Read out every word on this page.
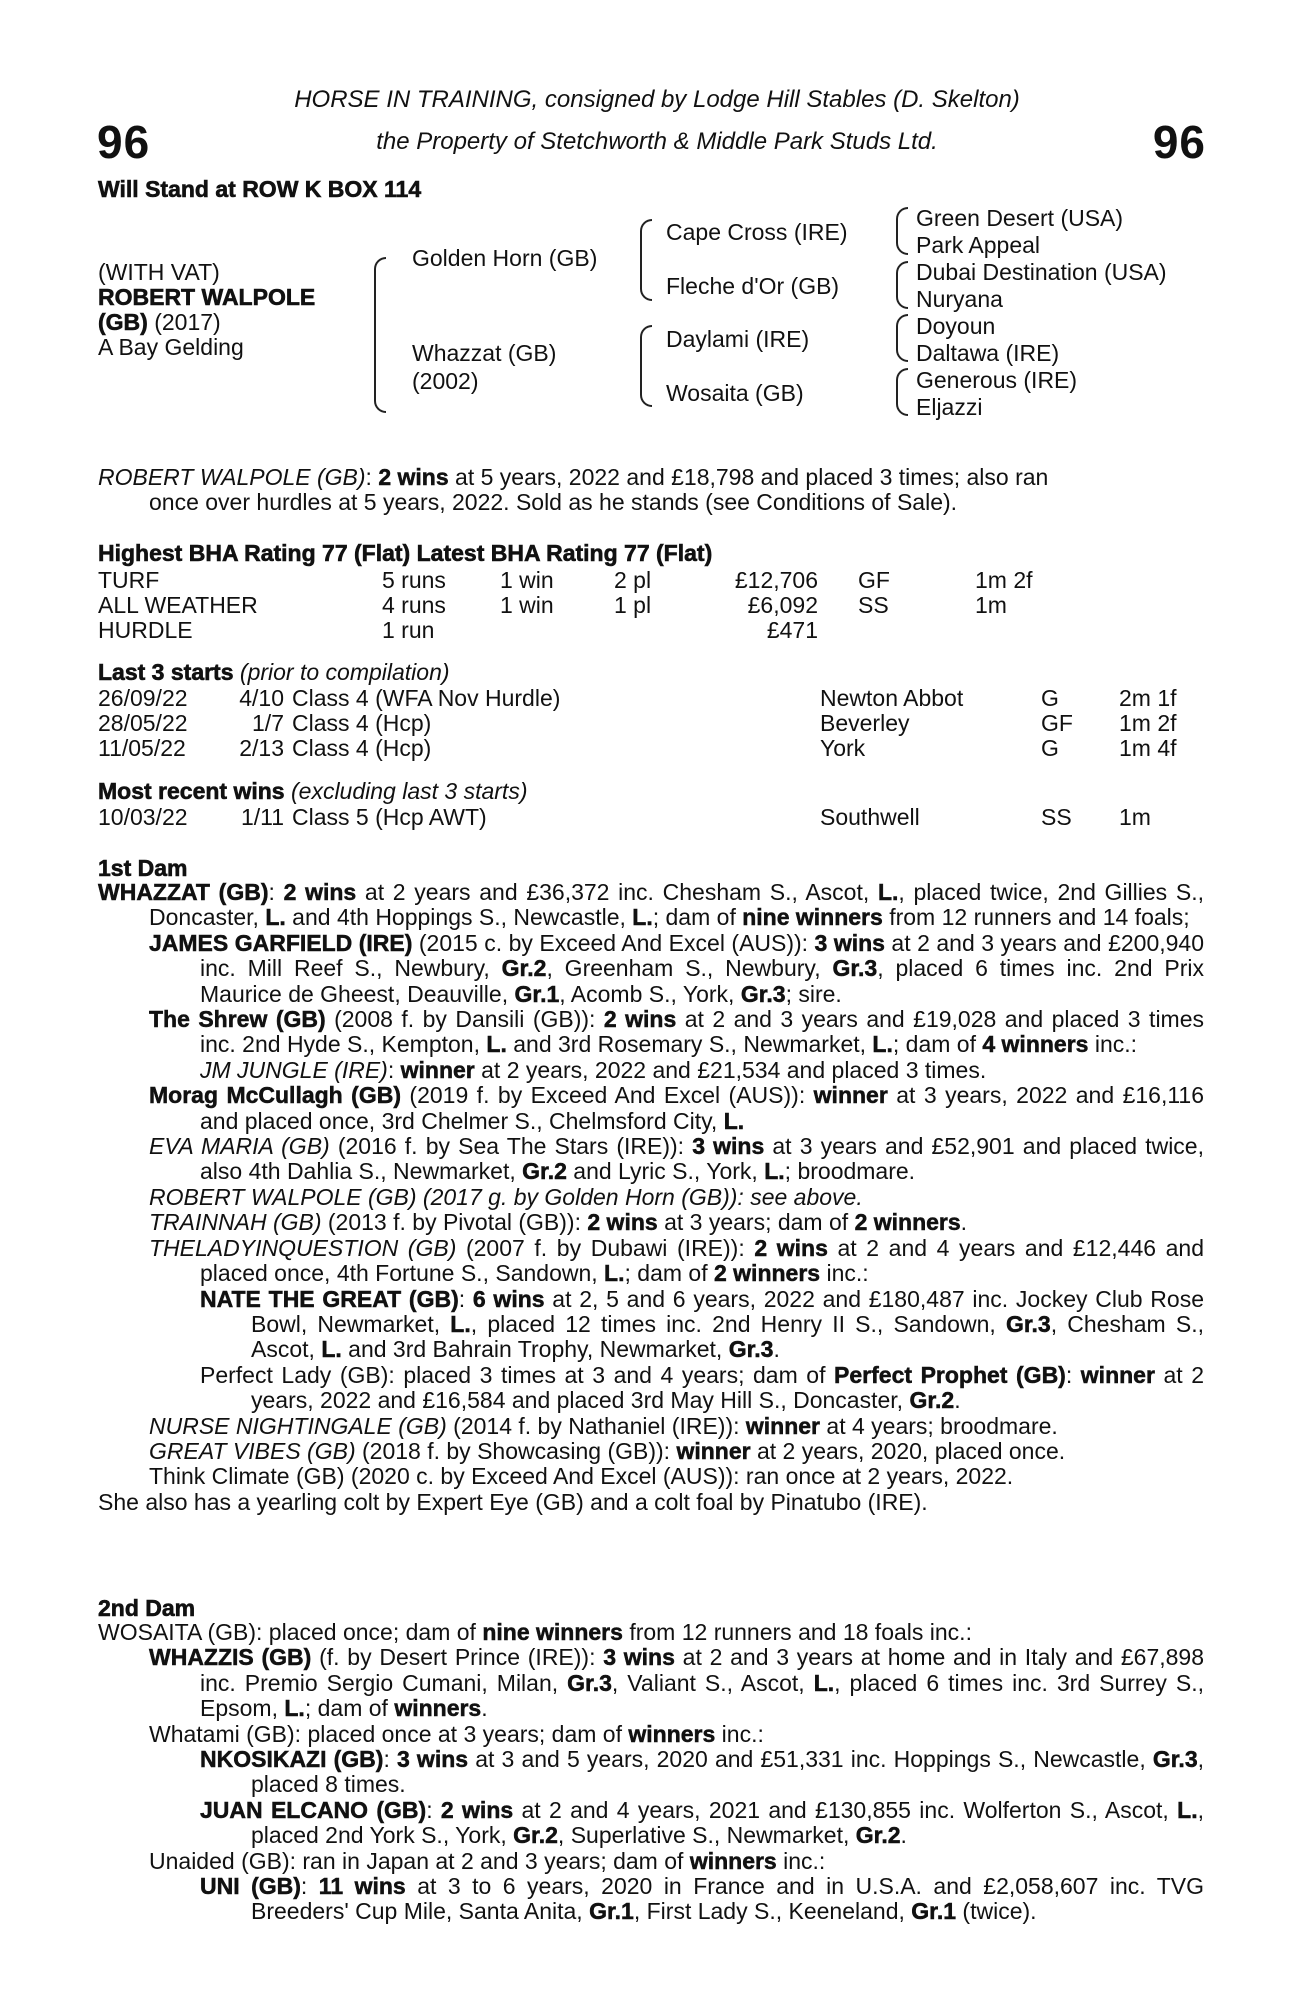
HORSE IN TRAINING, consigned by Lodge Hill Stables (D. Skelton)
the Property of Stetchworth & Middle Park Studs Ltd.
96	96
Will Stand at ROW K BOX 114
(WITH VAT)
ROBERT WALPOLE
(GB) (2017)
A Bay Gelding
Golden Horn (GB)
Whazzat (GB)
(2002)
Cape Cross (IRE)
Fleche d'Or (GB)
Daylami (IRE)
Wosaita (GB)
Green Desert (USA)
Park Appeal
Dubai Destination (USA)
Nuryana
Doyoun
Daltawa (IRE)
Generous (IRE)
Eljazzi
ROBERT WALPOLE (GB): 2 wins at 5 years, 2022 and £18,798 and placed 3 times; also ran
once over hurdles at 5 years, 2022. Sold as he stands (see Conditions of Sale).
Highest BHA Rating 77 (Flat) Latest BHA Rating 77 (Flat)
TURF	5 runs 1 win	2 pl	£12,706 GF	1m 2f
ALL WEATHER	4 runs 1 win	1 pl	£6,092 SS	1m
HURDLE	1 run	£471
Last 3 starts (prior to compilation)
26/09/22 4/10 Class 4 (WFA Nov Hurdle)	Newton Abbot	G	2m 1f
28/05/22	1/7 Class 4 (Hcp)	Beverley	GF 1m 2f
11/05/22 2/13 Class 4 (Hcp)	York	G	1m 4f
Most recent wins (excluding last 3 starts)
10/03/22 1/11 Class 5 (Hcp AWT)	Southwell	SS 1m
1st Dam
WHAZZAT (GB): 2 wins at 2 years and £36,372 inc. Chesham S., Ascot, L., placed twice, 2nd Gillies S., Doncaster, L. and 4th Hoppings S., Newcastle, L.; dam of nine winners from 12 runners and 14 foals;
JAMES GARFIELD (IRE) (2015 c. by Exceed And Excel (AUS)): 3 wins at 2 and 3 years and £200,940 inc. Mill Reef S., Newbury, Gr.2, Greenham S., Newbury, Gr.3, placed 6 times inc. 2nd Prix Maurice de Gheest, Deauville, Gr.1, Acomb S., York, Gr.3; sire.
The Shrew (GB) (2008 f. by Dansili (GB)): 2 wins at 2 and 3 years and £19,028 and placed 3 times inc. 2nd Hyde S., Kempton, L. and 3rd Rosemary S., Newmarket, L.; dam of 4 winners inc.:
JM JUNGLE (IRE): winner at 2 years, 2022 and £21,534 and placed 3 times.
Morag McCullagh (GB) (2019 f. by Exceed And Excel (AUS)): winner at 3 years, 2022 and £16,116 and placed once, 3rd Chelmer S., Chelmsford City, L.
EVA MARIA (GB) (2016 f. by Sea The Stars (IRE)): 3 wins at 3 years and £52,901 and placed twice, also 4th Dahlia S., Newmarket, Gr.2 and Lyric S., York, L.; broodmare.
ROBERT WALPOLE (GB) (2017 g. by Golden Horn (GB)): see above.
TRAINNAH (GB) (2013 f. by Pivotal (GB)): 2 wins at 3 years; dam of 2 winners.
THELADYINQUESTION (GB) (2007 f. by Dubawi (IRE)): 2 wins at 2 and 4 years and £12,446 and placed once, 4th Fortune S., Sandown, L.; dam of 2 winners inc.:
NATE THE GREAT (GB): 6 wins at 2, 5 and 6 years, 2022 and £180,487 inc. Jockey Club Rose Bowl, Newmarket, L., placed 12 times inc. 2nd Henry II S., Sandown, Gr.3, Chesham S., Ascot, L. and 3rd Bahrain Trophy, Newmarket, Gr.3.
Perfect Lady (GB): placed 3 times at 3 and 4 years; dam of Perfect Prophet (GB): winner at 2 years, 2022 and £16,584 and placed 3rd May Hill S., Doncaster, Gr.2.
NURSE NIGHTINGALE (GB) (2014 f. by Nathaniel (IRE)): winner at 4 years; broodmare.
GREAT VIBES (GB) (2018 f. by Showcasing (GB)): winner at 2 years, 2020, placed once.
Think Climate (GB) (2020 c. by Exceed And Excel (AUS)): ran once at 2 years, 2022.
She also has a yearling colt by Expert Eye (GB) and a colt foal by Pinatubo (IRE).
2nd Dam
WOSAITA (GB): placed once; dam of nine winners from 12 runners and 18 foals inc.:
WHAZZIS (GB) (f. by Desert Prince (IRE)): 3 wins at 2 and 3 years at home and in Italy and £67,898 inc. Premio Sergio Cumani, Milan, Gr.3, Valiant S., Ascot, L., placed 6 times inc. 3rd Surrey S., Epsom, L.; dam of winners.
Whatami (GB): placed once at 3 years; dam of winners inc.:
NKOSIKAZI (GB): 3 wins at 3 and 5 years, 2020 and £51,331 inc. Hoppings S., Newcastle, Gr.3, placed 8 times.
JUAN ELCANO (GB): 2 wins at 2 and 4 years, 2021 and £130,855 inc. Wolferton S., Ascot, L., placed 2nd York S., York, Gr.2, Superlative S., Newmarket, Gr.2.
Unaided (GB): ran in Japan at 2 and 3 years; dam of winners inc.:
UNI (GB): 11 wins at 3 to 6 years, 2020 in France and in U.S.A. and £2,058,607 inc. TVG Breeders' Cup Mile, Santa Anita, Gr.1, First Lady S., Keeneland, Gr.1 (twice).
